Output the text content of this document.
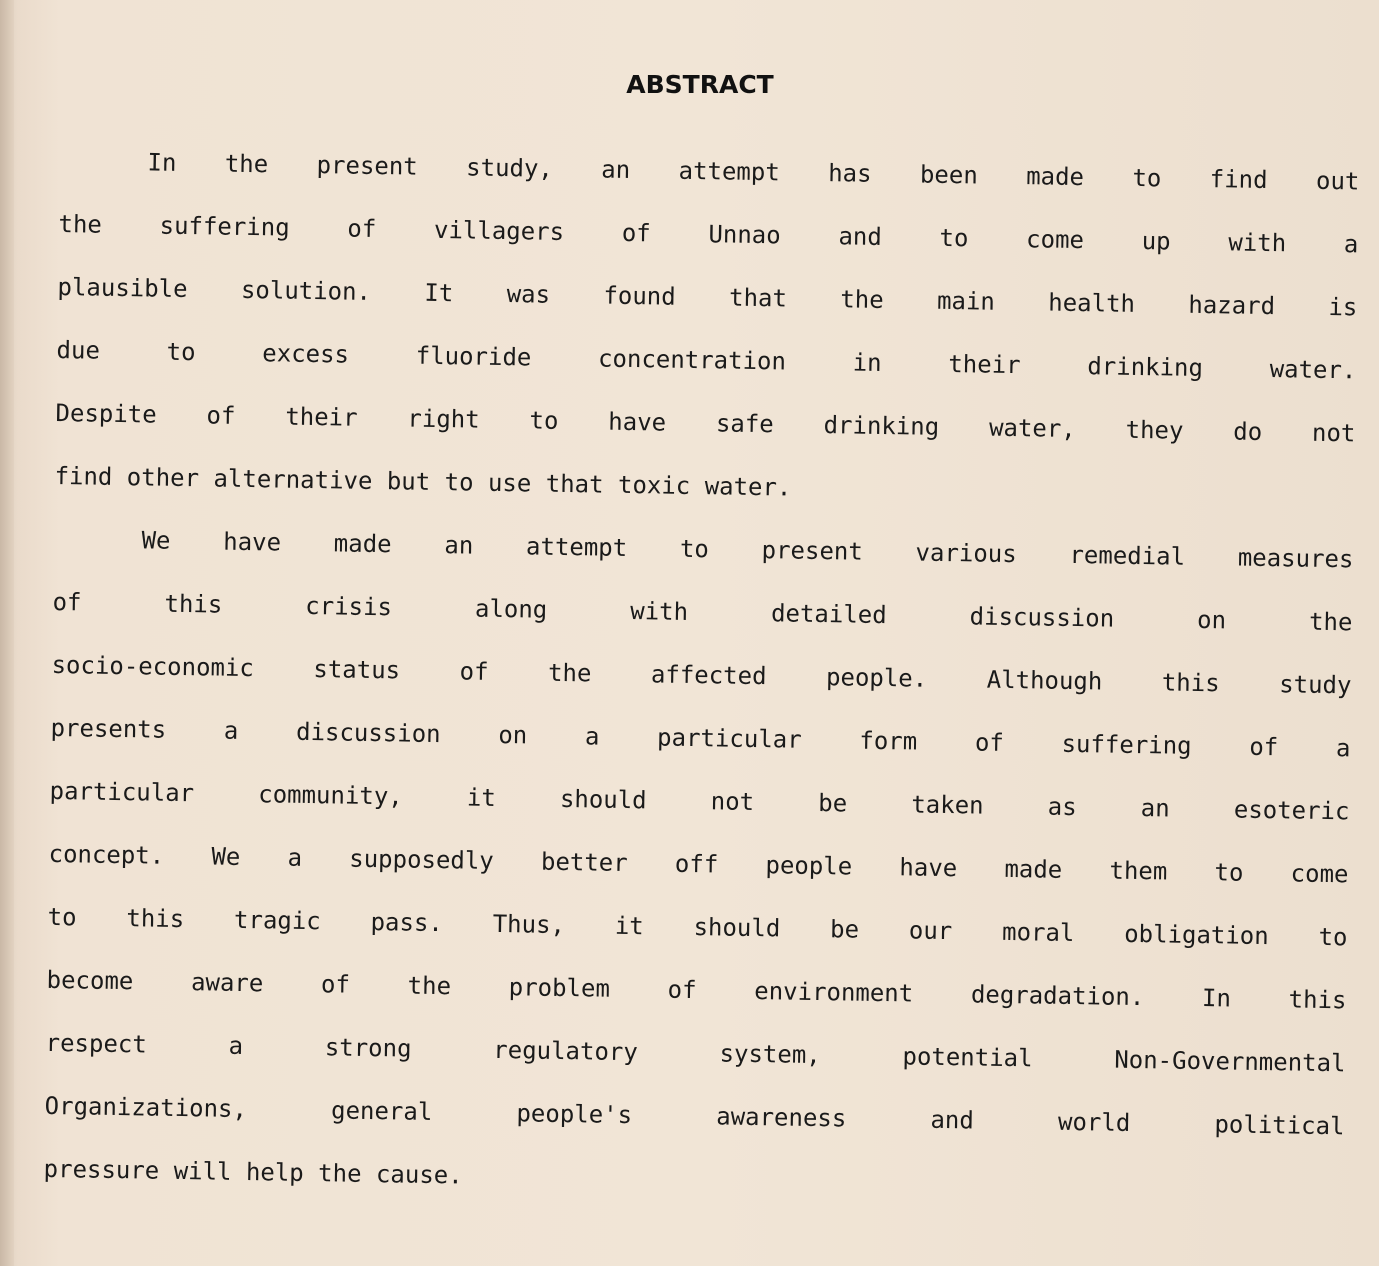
ABSTRACT
In the present study, an attempt has been made to find out
the suffering of villagers of Unnao and to come up with a
plausible solution. It was found that the main health hazard is
due to excess fluoride concentration in their drinking water.
Despite of their right to have safe drinking water, they do not
find other alternative but to use that toxic water.
We have made an attempt to present various remedial measures
of this crisis along with detailed discussion on the
socio-economic status of the affected people. Although this study
presents a discussion on a particular form of suffering of a
particular community, it should not be taken as an esoteric
concept. We a supposedly better off people have made them to come
to this tragic pass. Thus, it should be our moral obligation to
become aware of the problem of environment degradation. In this
respect a strong regulatory system, potential Non-Governmental
Organizations, general people's awareness and world political
pressure will help the cause.
